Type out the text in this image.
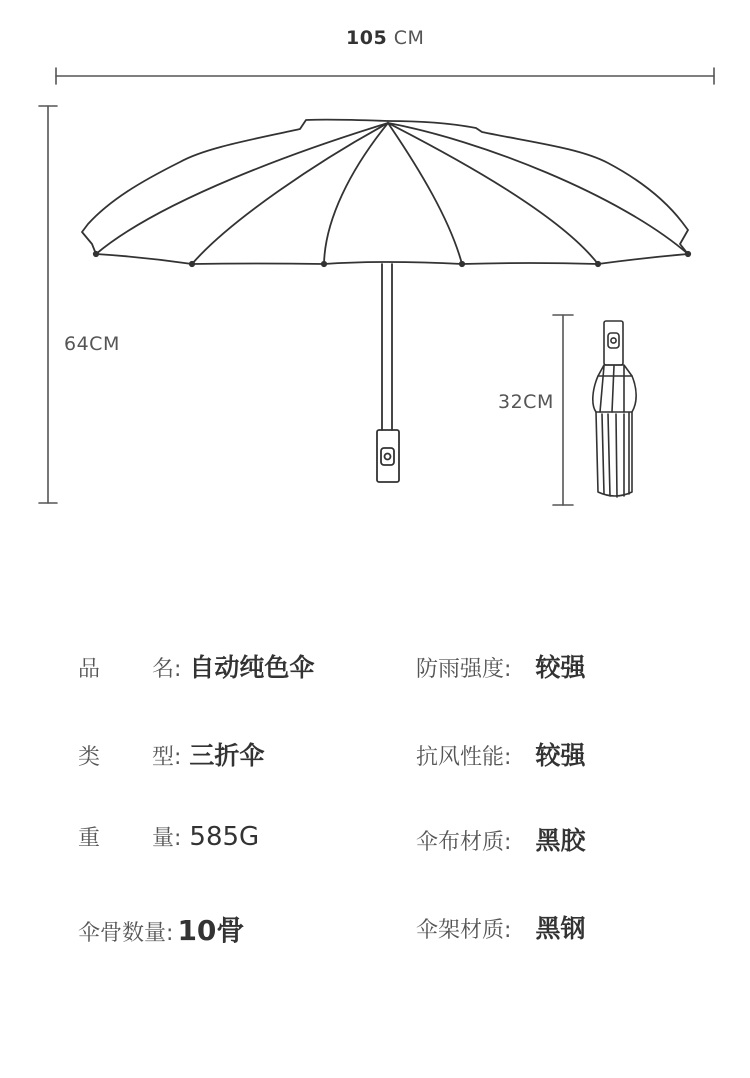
105 CM
64CM
32CM
品名 : 自动纯色伞
类型 : 三折伞
重量 : 585G
伞骨数量 : 10骨
防雨强度 : 较强
抗风性能 : 较强
伞布材质 : 黑胶
伞架材质 : 黑钢
